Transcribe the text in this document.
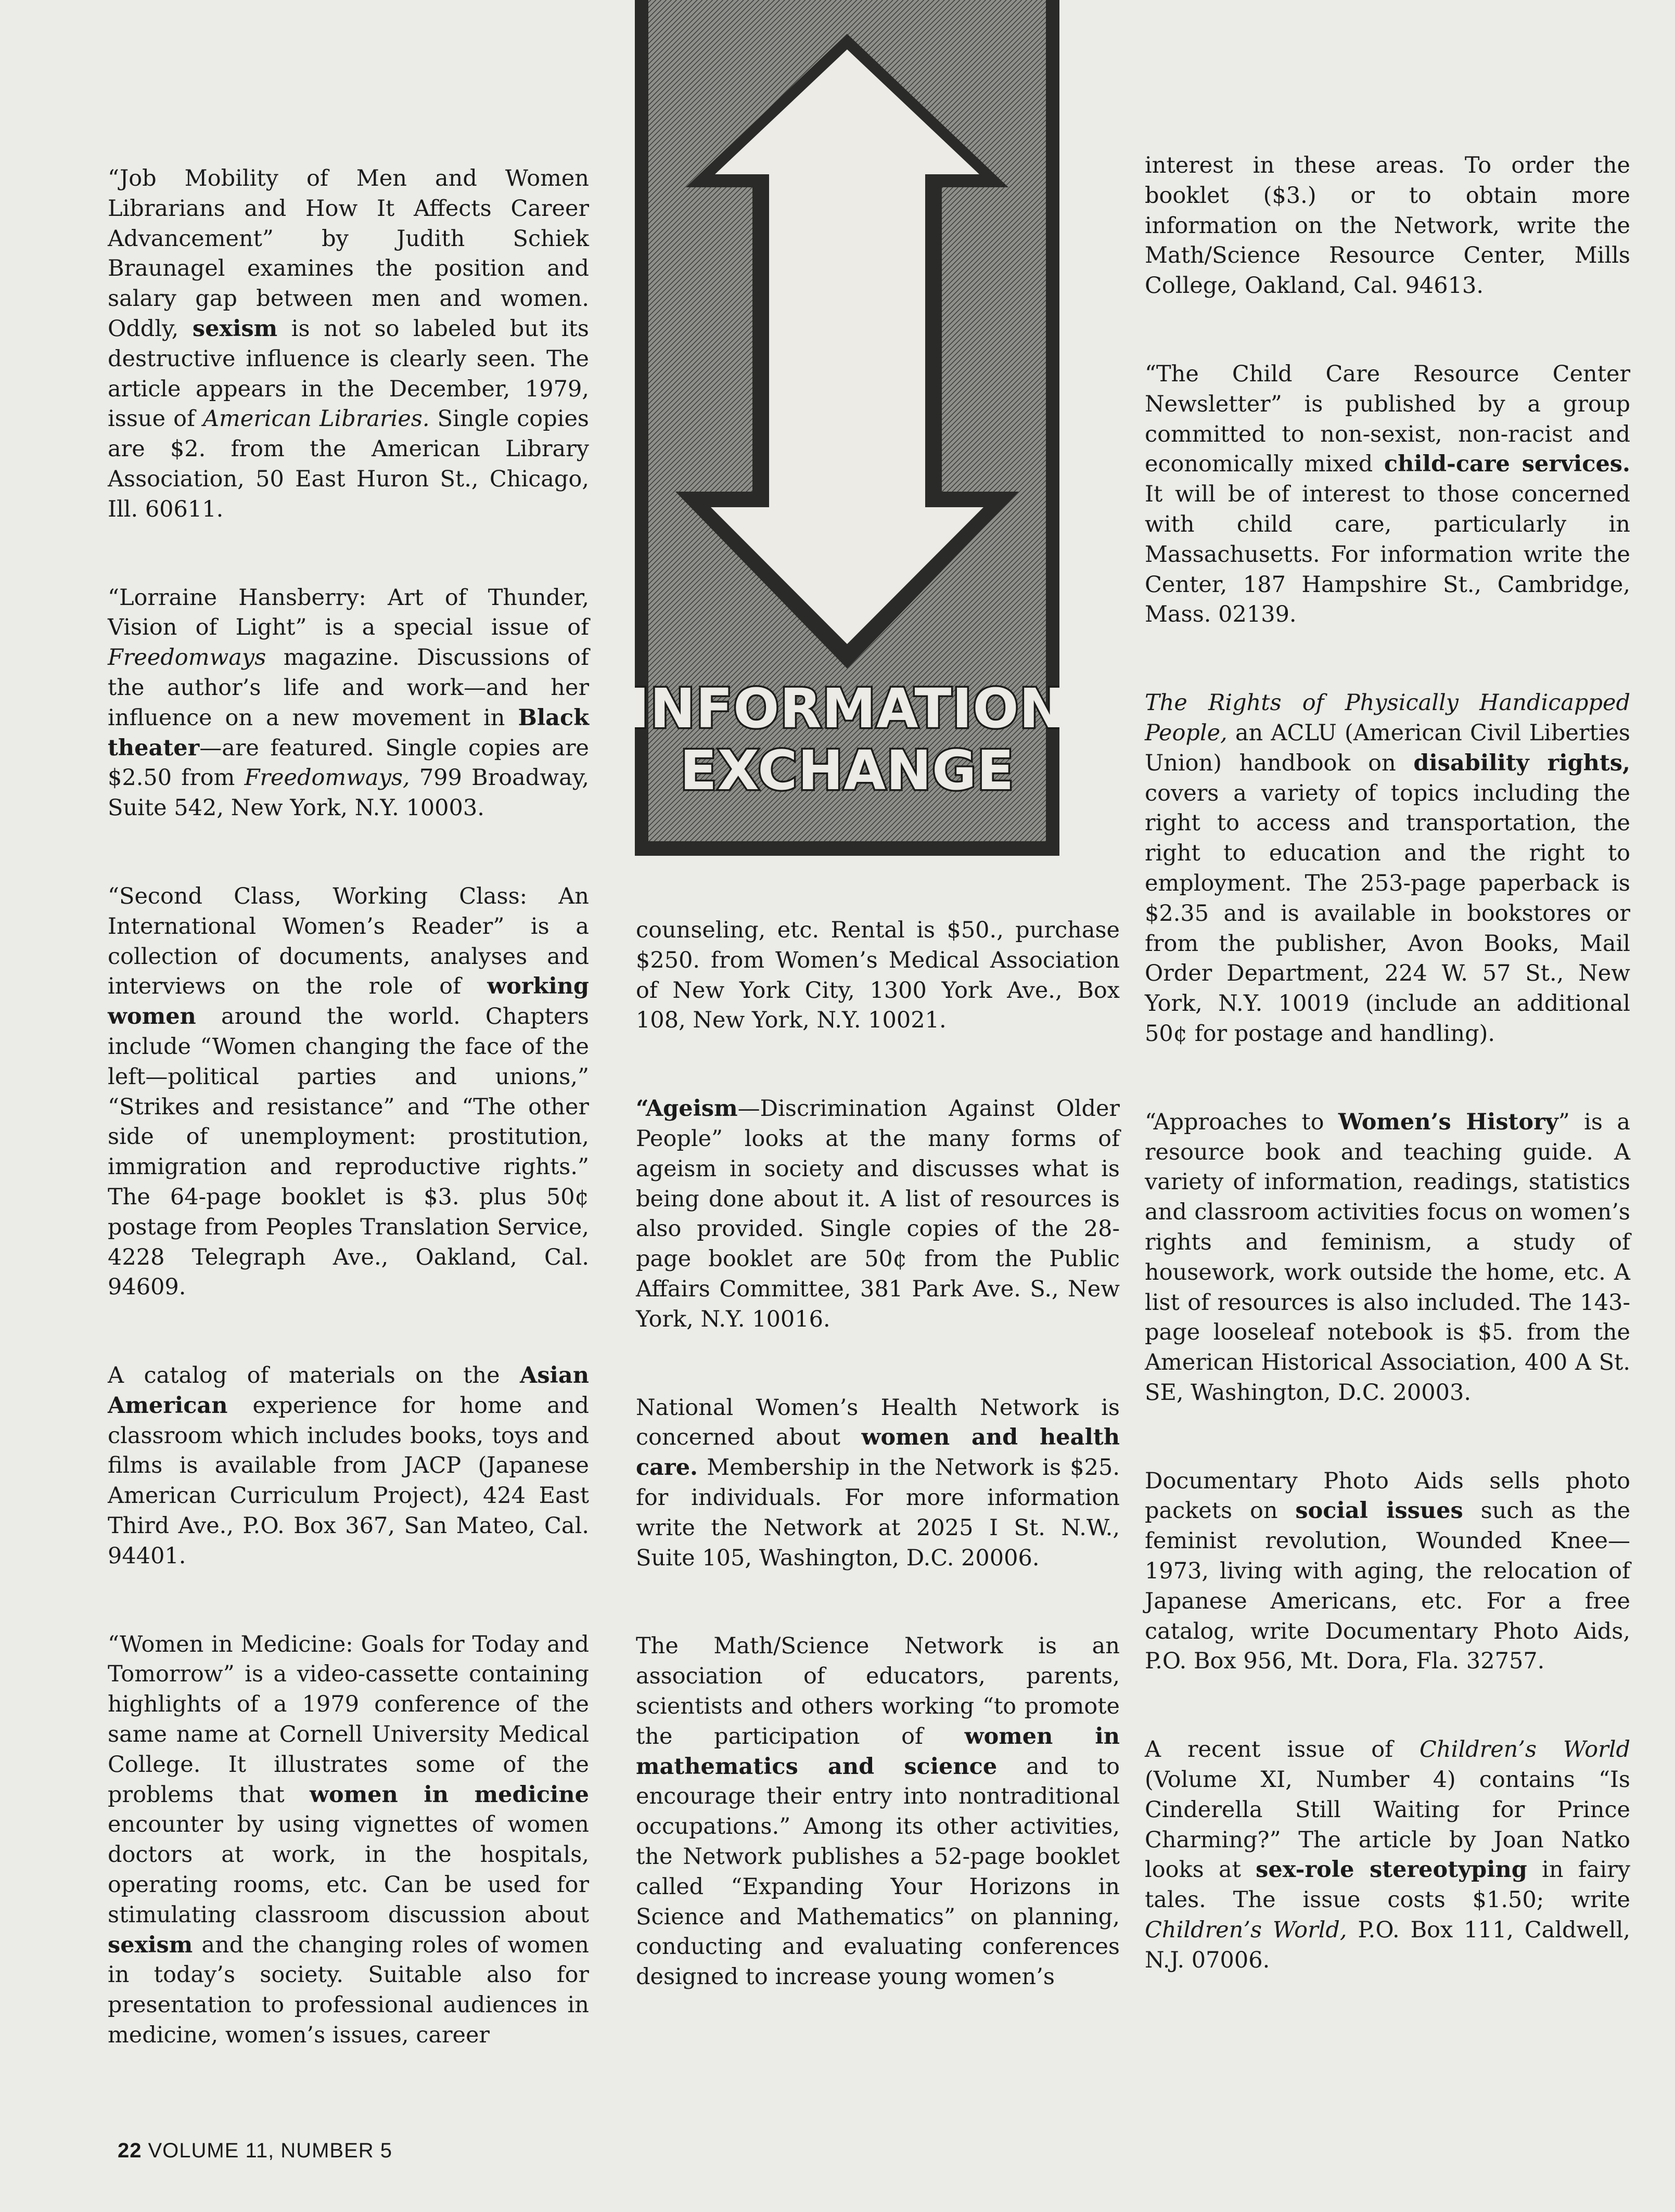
INFORMATION
EXCHANGE

“Job Mobility of Men and Women Librarians and How It Affects Career Advancement” by Judith Schiek Braunagel examines the position and salary gap between men and women. Oddly, sexism is not so labeled but its destructive influence is clearly seen. The article appears in the December, 1979, issue of American Libraries. Single copies are $2. from the American Library Association, 50 East Huron St., Chicago, Ill. 60611.

“Lorraine Hansberry: Art of Thunder, Vision of Light” is a special issue of Freedomways magazine. Discussions of the author’s life and work—and her influence on a new movement in Black theater—are featured. Single copies are $2.50 from Freedomways, 799 Broadway, Suite 542, New York, N.Y. 10003.

“Second Class, Working Class: An International Women’s Reader” is a collection of documents, analyses and interviews on the role of working women around the world. Chapters include “Women changing the face of the left—political parties and unions,” “Strikes and resistance” and “The other side of unemployment: prostitution, immigration and reproductive rights.” The 64-page booklet is $3. plus 50¢ postage from Peoples Translation Service, 4228 Telegraph Ave., Oakland, Cal. 94609.

A catalog of materials on the Asian American experience for home and classroom which includes books, toys and films is available from JACP (Japanese American Curriculum Project), 424 East Third Ave., P.O. Box 367, San Mateo, Cal. 94401.

“Women in Medicine: Goals for Today and Tomorrow” is a video-cassette containing highlights of a 1979 conference of the same name at Cornell University Medical College. It illustrates some of the problems that women in medicine encounter by using vignettes of women doctors at work, in the hospitals, operating rooms, etc. Can be used for stimulating classroom discussion about sexism and the changing roles of women in today’s society. Suitable also for presentation to professional audiences in medicine, women’s issues, career

counseling, etc. Rental is $50., purchase $250. from Women’s Medical Association of New York City, 1300 York Ave., Box 108, New York, N.Y. 10021.

“Ageism—Discrimination Against Older People” looks at the many forms of ageism in society and discusses what is being done about it. A list of resources is also provided. Single copies of the 28-page booklet are 50¢ from the Public Affairs Committee, 381 Park Ave. S., New York, N.Y. 10016.

National Women’s Health Network is concerned about women and health care. Membership in the Network is $25. for individuals. For more information write the Network at 2025 I St. N.W., Suite 105, Washington, D.C. 20006.

The Math/Science Network is an association of educators, parents, scientists and others working “to promote the participation of women in mathematics and science and to encourage their entry into nontraditional occupations.” Among its other activities, the Network publishes a 52-page booklet called “Expanding Your Horizons in Science and Mathematics” on planning, conducting and evaluating conferences designed to increase young women’s

interest in these areas. To order the booklet ($3.) or to obtain more information on the Network, write the Math/Science Resource Center, Mills College, Oakland, Cal. 94613.

“The Child Care Resource Center Newsletter” is published by a group committed to non-sexist, non-racist and economically mixed child-care services. It will be of interest to those concerned with child care, particularly in Massachusetts. For information write the Center, 187 Hampshire St., Cambridge, Mass. 02139.

The Rights of Physically Handicapped People, an ACLU (American Civil Liberties Union) handbook on disability rights, covers a variety of topics including the right to access and transportation, the right to education and the right to employment. The 253-page paperback is $2.35 and is available in bookstores or from the publisher, Avon Books, Mail Order Department, 224 W. 57 St., New York, N.Y. 10019 (include an additional 50¢ for postage and handling).

“Approaches to Women’s History” is a resource book and teaching guide. A variety of information, readings, statistics and classroom activities focus on women’s rights and feminism, a study of housework, work outside the home, etc. A list of resources is also included. The 143-page looseleaf notebook is $5. from the American Historical Association, 400 A St. SE, Washington, D.C. 20003.

Documentary Photo Aids sells photo packets on social issues such as the feminist revolution, Wounded Knee—1973, living with aging, the relocation of Japanese Americans, etc. For a free catalog, write Documentary Photo Aids, P.O. Box 956, Mt. Dora, Fla. 32757.

A recent issue of Children’s World (Volume XI, Number 4) contains “Is Cinderella Still Waiting for Prince Charming?” The article by Joan Natko looks at sex-role stereotyping in fairy tales. The issue costs $1.50; write Children’s World, P.O. Box 111, Caldwell, N.J. 07006.

22 VOLUME 11, NUMBER 5
